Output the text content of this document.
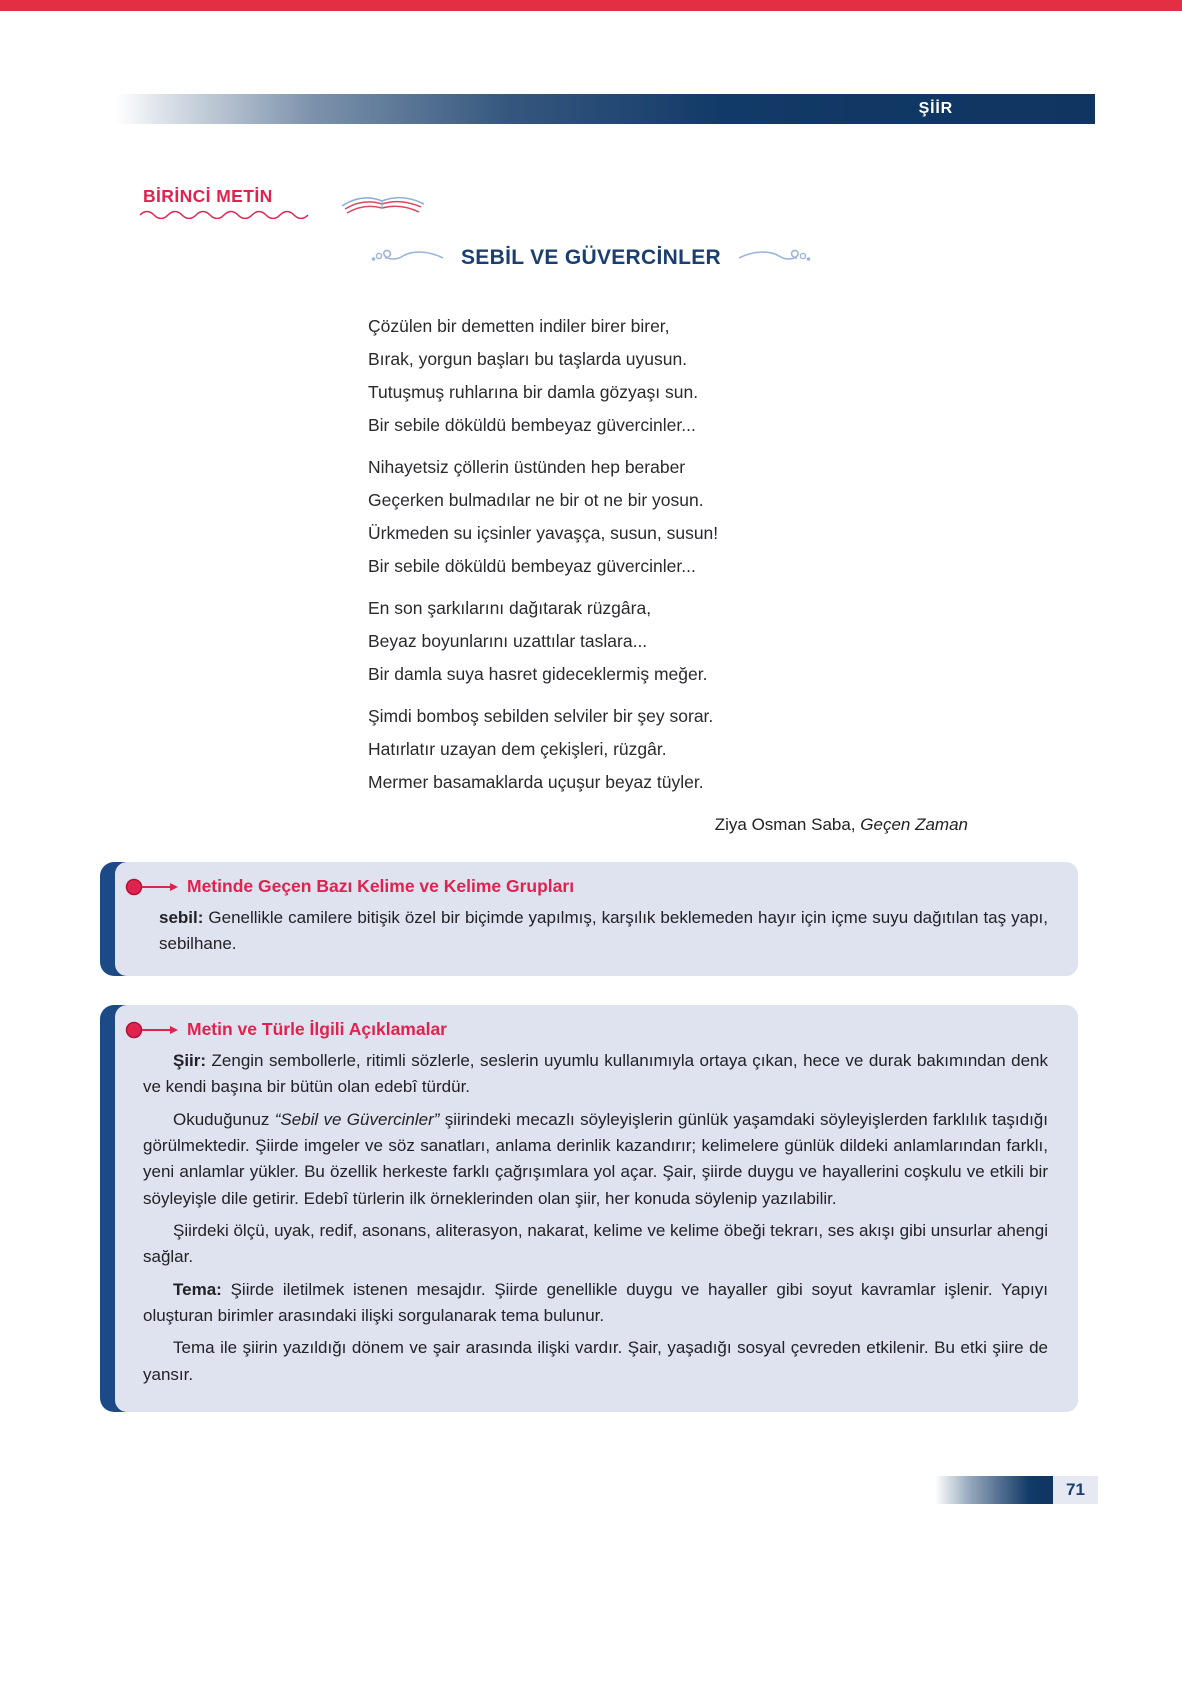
ŞİİR
BİRİNCİ METİN
SEBİL VE GÜVERCİNLER
Çözülen bir demetten indiler birer birer,
Bırak, yorgun başları bu taşlarda uyusun.
Tutuşmuş ruhlarına bir damla gözyaşı sun.
Bir sebile döküldü bembeyaz güvercinler...
Nihayetsiz çöllerin üstünden hep beraber
Geçerken bulmadılar ne bir ot ne bir yosun.
Ürkmeden su içsinler yavaşça, susun, susun!
Bir sebile döküldü bembeyaz güvercinler...
En son şarkılarını dağıtarak rüzgâra,
Beyaz boyunlarını uzattılar taslara...
Bir damla suya hasret gideceklermiş meğer.
Şimdi bomboş sebilden selviler bir şey sorar.
Hatırlatır uzayan dem çekişleri, rüzgâr.
Mermer basamaklarda uçuşur beyaz tüyler.
Ziya Osman Saba, Geçen Zaman
Metinde Geçen Bazı Kelime ve Kelime Grupları

sebil: Genellikle camilere bitişik özel bir biçimde yapılmış, karşılık beklemeden hayır için içme suyu dağıtılan taş yapı, sebilhane.

Metin ve Türle İlgili Açıklamalar

Şiir: Zengin sembollerle, ritimli sözlerle, seslerin uyumlu kullanımıyla ortaya çıkan, hece ve durak bakımından denk ve kendi başına bir bütün olan edebî türdür.

Okuduğunuz “Sebil ve Güvercinler” şiirindeki mecazlı söyleyişlerin günlük yaşamdaki söyleyişlerden farklılık taşıdığı görülmektedir. Şiirde imgeler ve söz sanatları, anlama derinlik kazandırır; kelimelere günlük dildeki anlamlarından farklı, yeni anlamlar yükler. Bu özellik herkeste farklı çağrışımlara yol açar. Şair, şiirde duygu ve hayallerini coşkulu ve etkili bir söyleyişle dile getirir. Edebî türlerin ilk örneklerinden olan şiir, her konuda söylenip yazılabilir.

Şiirdeki ölçü, uyak, redif, asonans, aliterasyon, nakarat, kelime ve kelime öbeği tekrarı, ses akışı gibi unsurlar ahengi sağlar.

Tema: Şiirde iletilmek istenen mesajdır. Şiirde genellikle duygu ve hayaller gibi soyut kavramlar işlenir. Yapıyı oluşturan birimler arasındaki ilişki sorgulanarak tema bulunur.

Tema ile şiirin yazıldığı dönem ve şair arasında ilişki vardır. Şair, yaşadığı sosyal çevreden etkilenir. Bu etki şiire de yansır.

71
